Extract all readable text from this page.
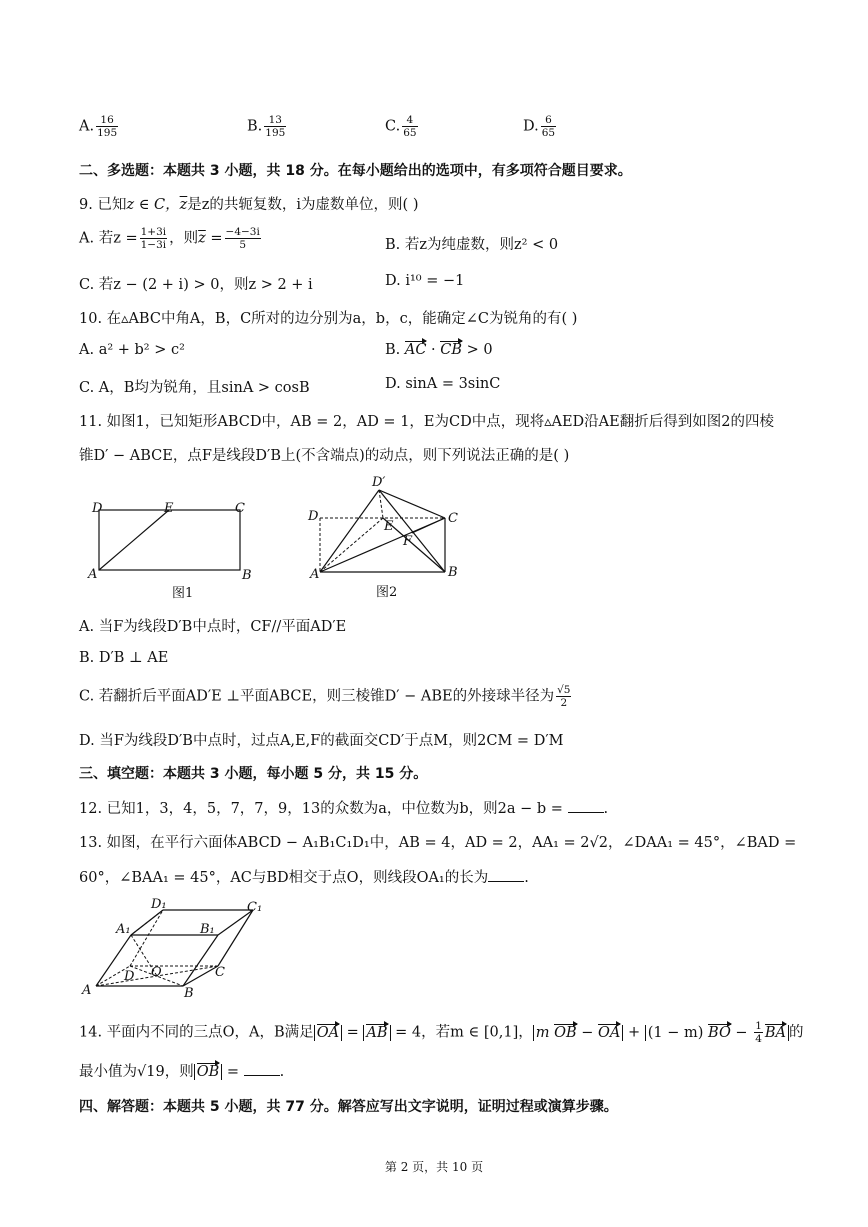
A. $\frac{16}{195}$	B. $\frac{13}{195}$	C. $\frac{4}{65}$	D. $\frac{6}{65}$
二、多选题：本题共 3 小题，共 18 分。在每小题给出的选项中，有多项符合题目要求。
9. 已知z ∈ C，$\overline{z}$是z的共轭复数，i为虚数单位，则( )
A. 若$z = \frac{1+3i}{1-3i}$ ，则$\overline{z} = \frac{-4-3i}{5}$	B. 若z为纯虚数，则z² < 0
C. 若z − (2 + i) > 0，则z > 2 + i	D. i¹⁰ = −1
10. 在▵ABC中角A，B，C所对的边分别为a，b，c，能确定∠C为锐角的有( )
A. a² + b² > c²	B. AC · CB > 0
C. A，B均为锐角，且sinA > cosB	D. sinA = 3sinC
11. 如图1，已知矩形ABCD中，AB = 2，AD = 1，E为CD中点，现将▵AED沿AE翻折后得到如图2的四棱
锥D′ − ABCE，点F是线段D′B上(不含端点)的动点，则下列说法正确的是( )
D	E	C
A	B
图1
D′
D
E
C
F
A	B
图2
A. 当F为线段D′B中点时，CF//平面AD′E
B. D′B ⊥ AE
C. 若翻折后平面AD′E ⊥平面ABCE，则三棱锥D′ − ABE的外接球半径为 $\frac{√5}{2}$
D. 当F为线段D′B中点时，过点A,E,F的截面交CD′于点M，则2CM = D′M
三、填空题：本题共 3 小题，每小题 5 分，共 15 分。
12. 已知1，3，4，5，7，7，9，13的众数为a，中位数为b，则2a − b =	.
13. 如图，在平行六面体ABCD − A₁B₁C₁D₁中，AB = 4，AD = 2，AA₁ = 2√2，∠DAA₁ = 45°，∠BAD =
60°，∠BAA₁ = 45°，AC与BD相交于点O，则线段OA₁的长为 .
D₁	C₁
A₁	B₁
D O	C
A	B
14. 平面内不同的三点O，A，B满足 OA = AB = 4，若m ∈ [0,1]， m OB − OA + (1 − m) BO − $\frac{1}{4}$ BA 的
最小值为√19，则 OB =	.
四、解答题：本题共 5 小题，共 77 分。解答应写出文字说明，证明过程或演算步骤。
第 2 页，共 10 页
